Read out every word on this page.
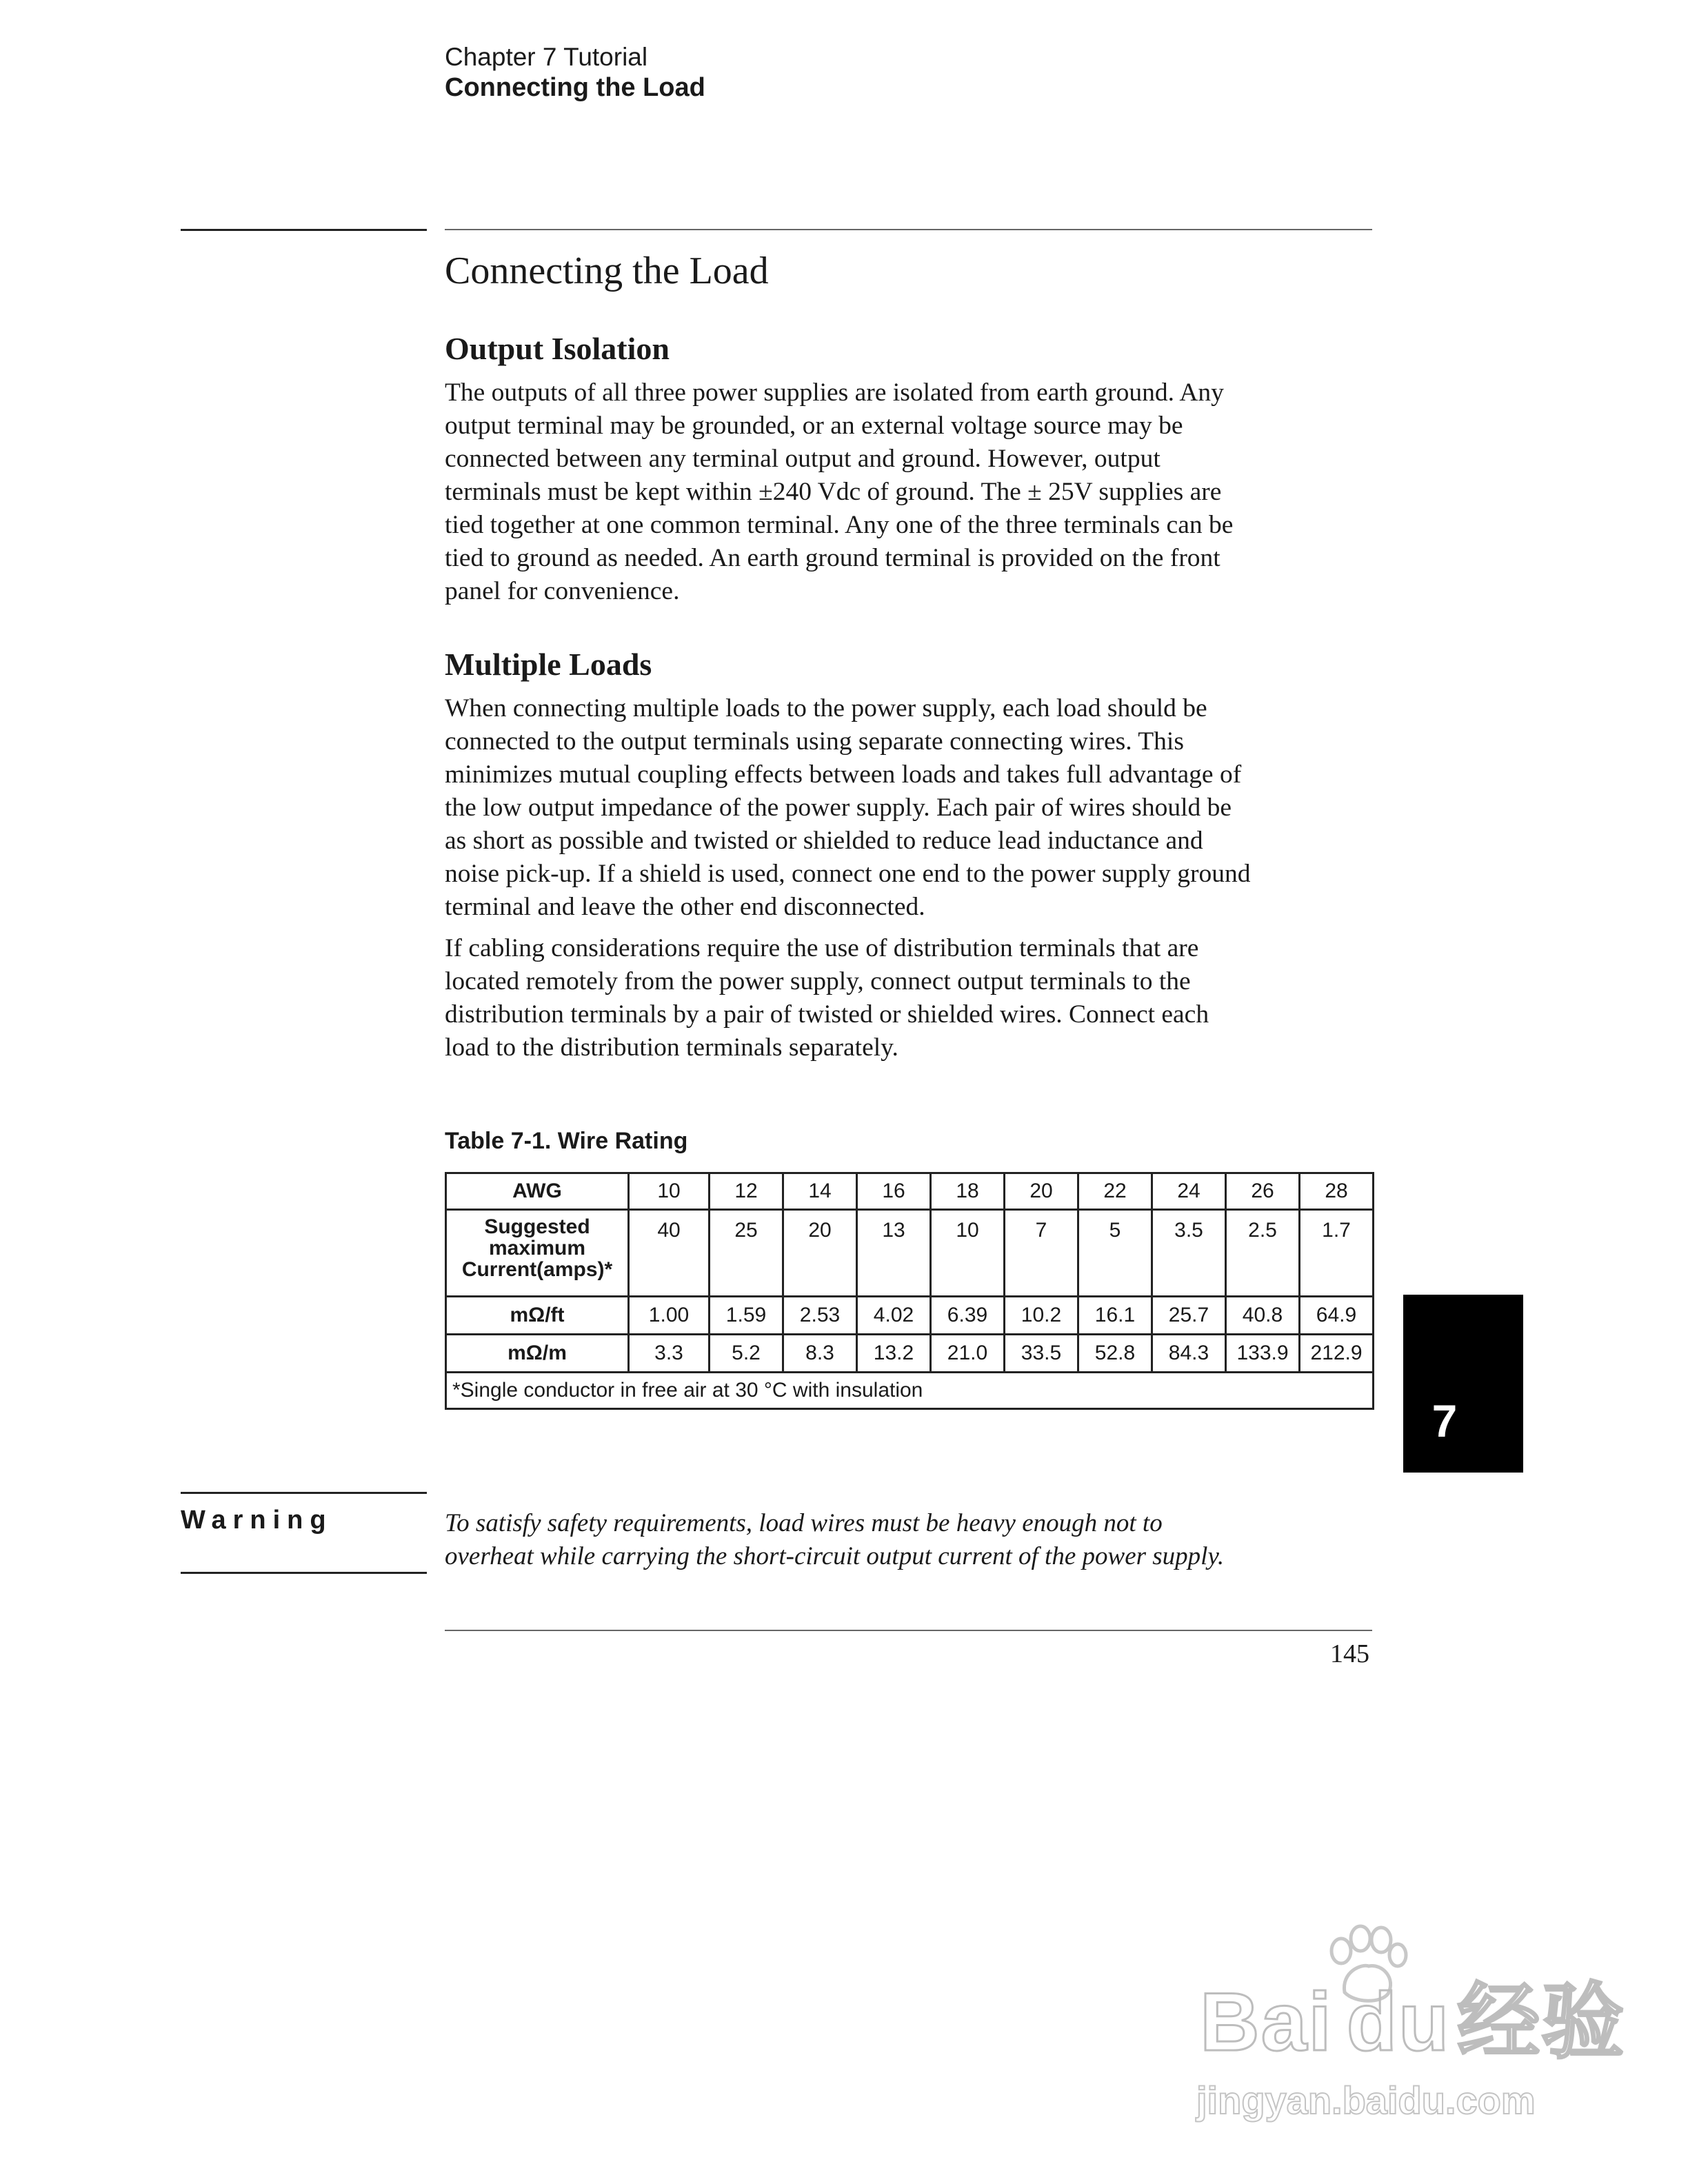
Chapter 7 Tutorial
Connecting the Load
Connecting the Load
Output Isolation
The outputs of all three power supplies are isolated from earth ground. Any
output terminal may be grounded, or an external voltage source may be
connected between any terminal output and ground. However, output
terminals must be kept within ±240 Vdc of ground. The ± 25V supplies are
tied together at one common terminal. Any one of the three terminals can be
tied to ground as needed. An earth ground terminal is provided on the front
panel for convenience.
Multiple Loads
When connecting multiple loads to the power supply, each load should be
connected to the output terminals using separate connecting wires. This
minimizes mutual coupling effects between loads and takes full advantage of
the low output impedance of the power supply. Each pair of wires should be
as short as possible and twisted or shielded to reduce lead inductance and
noise pick-up. If a shield is used, connect one end to the power supply ground
terminal and leave the other end disconnected.
If cabling considerations require the use of distribution terminals that are
located remotely from the power supply, connect output terminals to the
distribution terminals by a pair of twisted or shielded wires. Connect each
load to the distribution terminals separately.
Table 7-1. Wire Rating
AWG	10	12	14	16	18	20	22	24	26	28

Suggested
maximum
Current(amps)*	40	25	20	13	10	7	5	3.5	2.5	1.7
mΩ/ft	1.00	1.59	2.53	4.02	6.39	10.2	16.1	25.7	40.8	64.9
mΩ/m	3.3	5.2	8.3	13.2	21.0	33.5	52.8	84.3	133.9	212.9
*Single conductor in free air at 30 °C with insulation										
7
Warning	To satisfy safety requirements, load wires must be heavy enough not to
overheat while carrying the short-circuit output current of the power supply.
145
Bai du经验
jingyan.baidu.com
